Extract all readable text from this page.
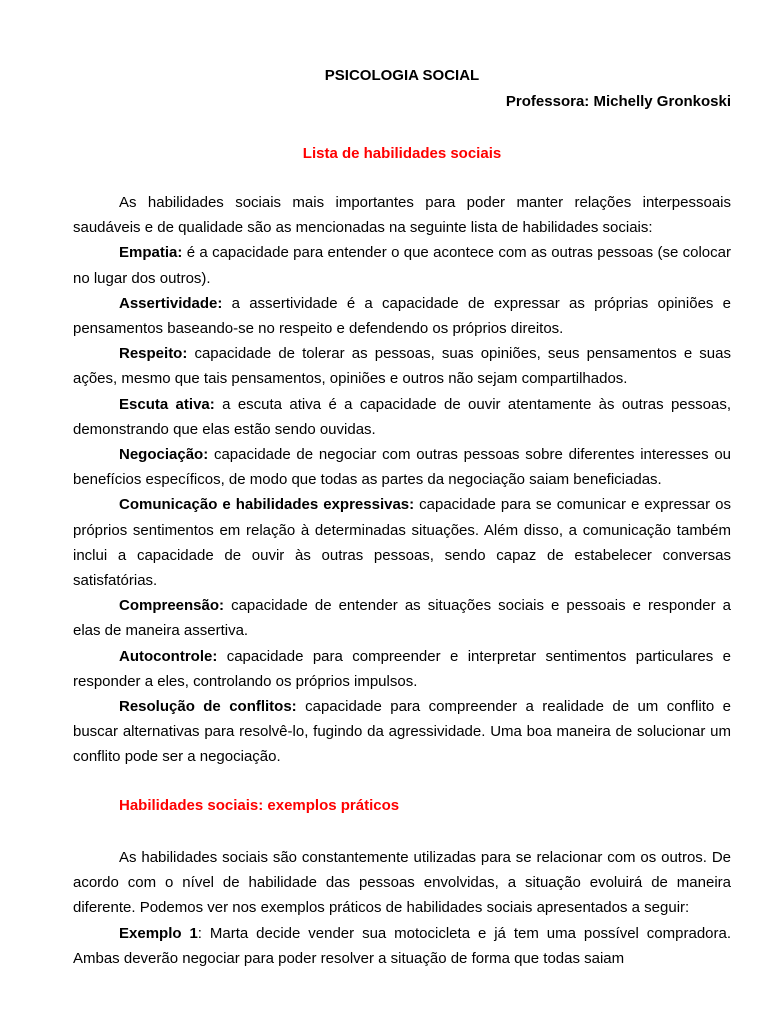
PSICOLOGIA SOCIAL
Professora: Michelly Gronkoski
Lista de habilidades sociais

As habilidades sociais mais importantes para poder manter relações interpessoais saudáveis e de qualidade são as mencionadas na seguinte lista de habilidades sociais:

Empatia: é a capacidade para entender o que acontece com as outras pessoas (se colocar no lugar dos outros).

Assertividade: a assertividade é a capacidade de expressar as próprias opiniões e pensamentos baseando-se no respeito e defendendo os próprios direitos.

Respeito: capacidade de tolerar as pessoas, suas opiniões, seus pensamentos e suas ações, mesmo que tais pensamentos, opiniões e outros não sejam compartilhados.

Escuta ativa: a escuta ativa é a capacidade de ouvir atentamente às outras pessoas, demonstrando que elas estão sendo ouvidas.

Negociação: capacidade de negociar com outras pessoas sobre diferentes interesses ou benefícios específicos, de modo que todas as partes da negociação saiam beneficiadas.

Comunicação e habilidades expressivas: capacidade para se comunicar e expressar os próprios sentimentos em relação à determinadas situações. Além disso, a comunicação também inclui a capacidade de ouvir às outras pessoas, sendo capaz de estabelecer conversas satisfatórias.

Compreensão: capacidade de entender as situações sociais e pessoais e responder a elas de maneira assertiva.

Autocontrole: capacidade para compreender e interpretar sentimentos particulares e responder a eles, controlando os próprios impulsos.

Resolução de conflitos: capacidade para compreender a realidade de um conflito e buscar alternativas para resolvê-lo, fugindo da agressividade. Uma boa maneira de solucionar um conflito pode ser a negociação.

Habilidades sociais: exemplos práticos

As habilidades sociais são constantemente utilizadas para se relacionar com os outros. De acordo com o nível de habilidade das pessoas envolvidas, a situação evoluirá de maneira diferente. Podemos ver nos exemplos práticos de habilidades sociais apresentados a seguir:

Exemplo 1: Marta decide vender sua motocicleta e já tem uma possível compradora. Ambas deverão negociar para poder resolver a situação de forma que todas saiam
